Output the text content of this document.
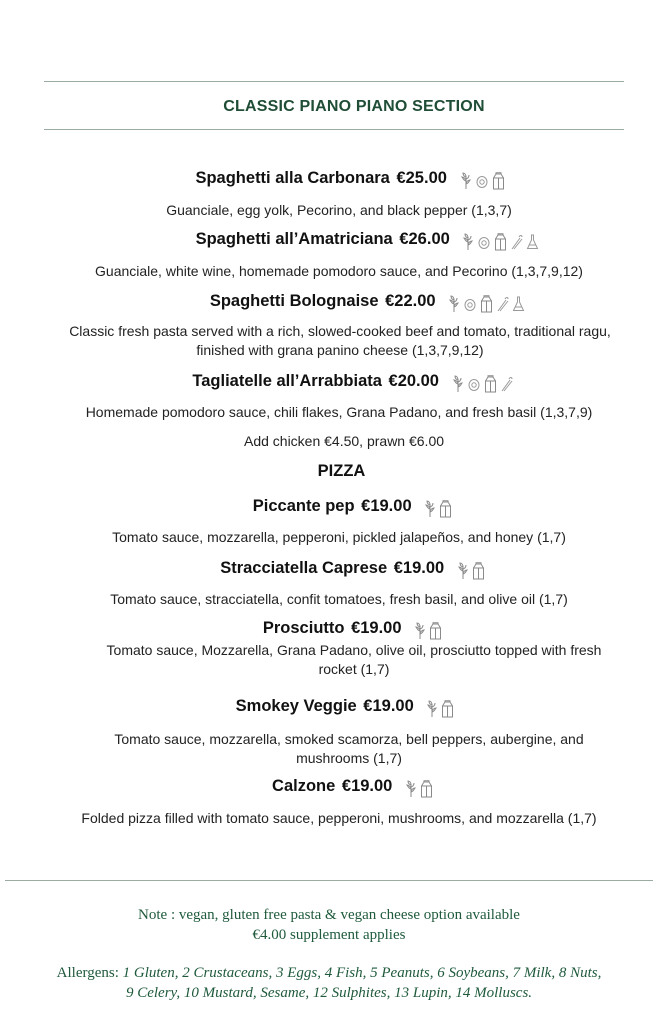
CLASSIC PIANO PIANO SECTION
Spaghetti alla Carbonara €25.00
Guanciale, egg yolk, Pecorino, and black pepper (1,3,7)
Spaghetti all’Amatriciana €26.00
Guanciale, white wine, homemade pomodoro sauce, and Pecorino (1,3,7,9,12)
Spaghetti Bolognaise €22.00
Classic fresh pasta served with a rich, slowed-cooked beef and tomato, traditional ragu, finished with grana panino cheese (1,3,7,9,12)
Tagliatelle all’Arrabbiata €20.00
Homemade pomodoro sauce, chili flakes, Grana Padano, and fresh basil (1,3,7,9)
Add chicken €4.50, prawn €6.00
PIZZA
Piccante pep €19.00
Tomato sauce, mozzarella, pepperoni, pickled jalapeños, and honey (1,7)
Stracciatella Caprese €19.00
Tomato sauce, stracciatella, confit tomatoes, fresh basil, and olive oil (1,7)
Prosciutto €19.00
Tomato sauce, Mozzarella, Grana Padano, olive oil, prosciutto topped with fresh rocket (1,7)
Smokey Veggie €19.00
Tomato sauce, mozzarella, smoked scamorza, bell peppers, aubergine, and mushrooms (1,7)
Calzone €19.00
Folded pizza filled with tomato sauce, pepperoni, mushrooms, and mozzarella (1,7)
Note : vegan, gluten free pasta & vegan cheese option available
€4.00 supplement applies
Allergens: 1 Gluten, 2 Crustaceans, 3 Eggs, 4 Fish, 5 Peanuts, 6 Soybeans, 7 Milk, 8 Nuts,
9 Celery, 10 Mustard, Sesame, 12 Sulphites, 13 Lupin, 14 Molluscs.
